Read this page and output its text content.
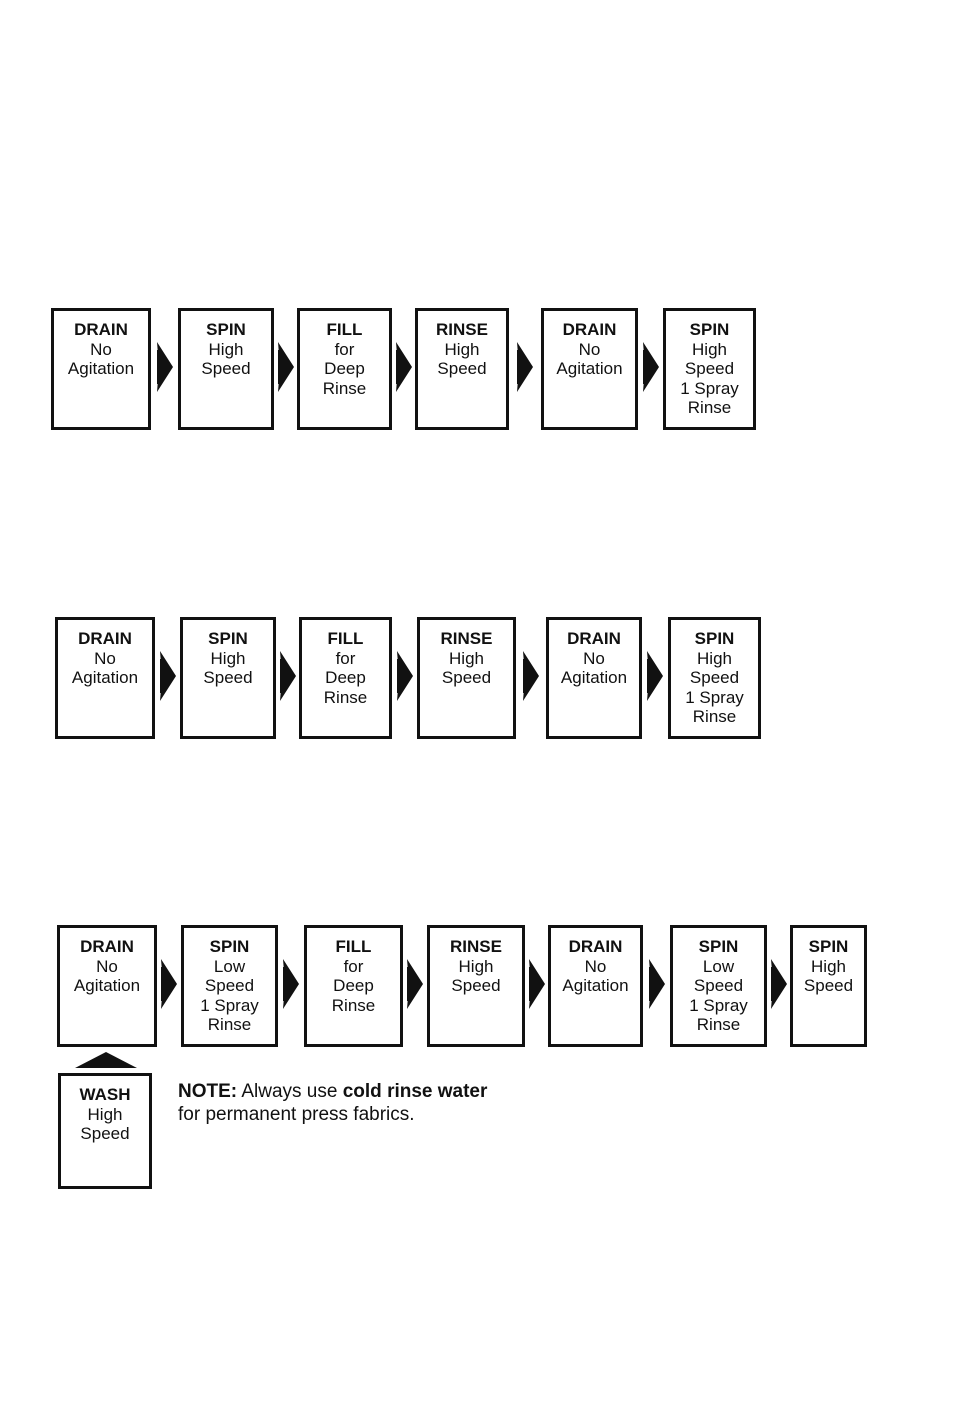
WASH
High
Speed
NOTE: Always use cold rinse water
for permanent press fabrics.
DRAIN
No
Agitation
SPIN
High
Speed
FILL
for
Deep
Rinse
RINSE
High
Speed
DRAIN
No
Agitation
SPIN
High
Speed
1 Spray
Rinse
DRAIN
No
Agitation
SPIN
High
Speed
FILL
for
Deep
Rinse
RINSE
High
Speed
DRAIN
No
Agitation
SPIN
High
Speed
1 Spray
Rinse
DRAIN
No
Agitation
SPIN
Low
Speed
1 Spray
Rinse
FILL
for
Deep
Rinse
RINSE
High
Speed
DRAIN
No
Agitation
SPIN
Low
Speed
1 Spray
Rinse
SPIN
High
Speed
